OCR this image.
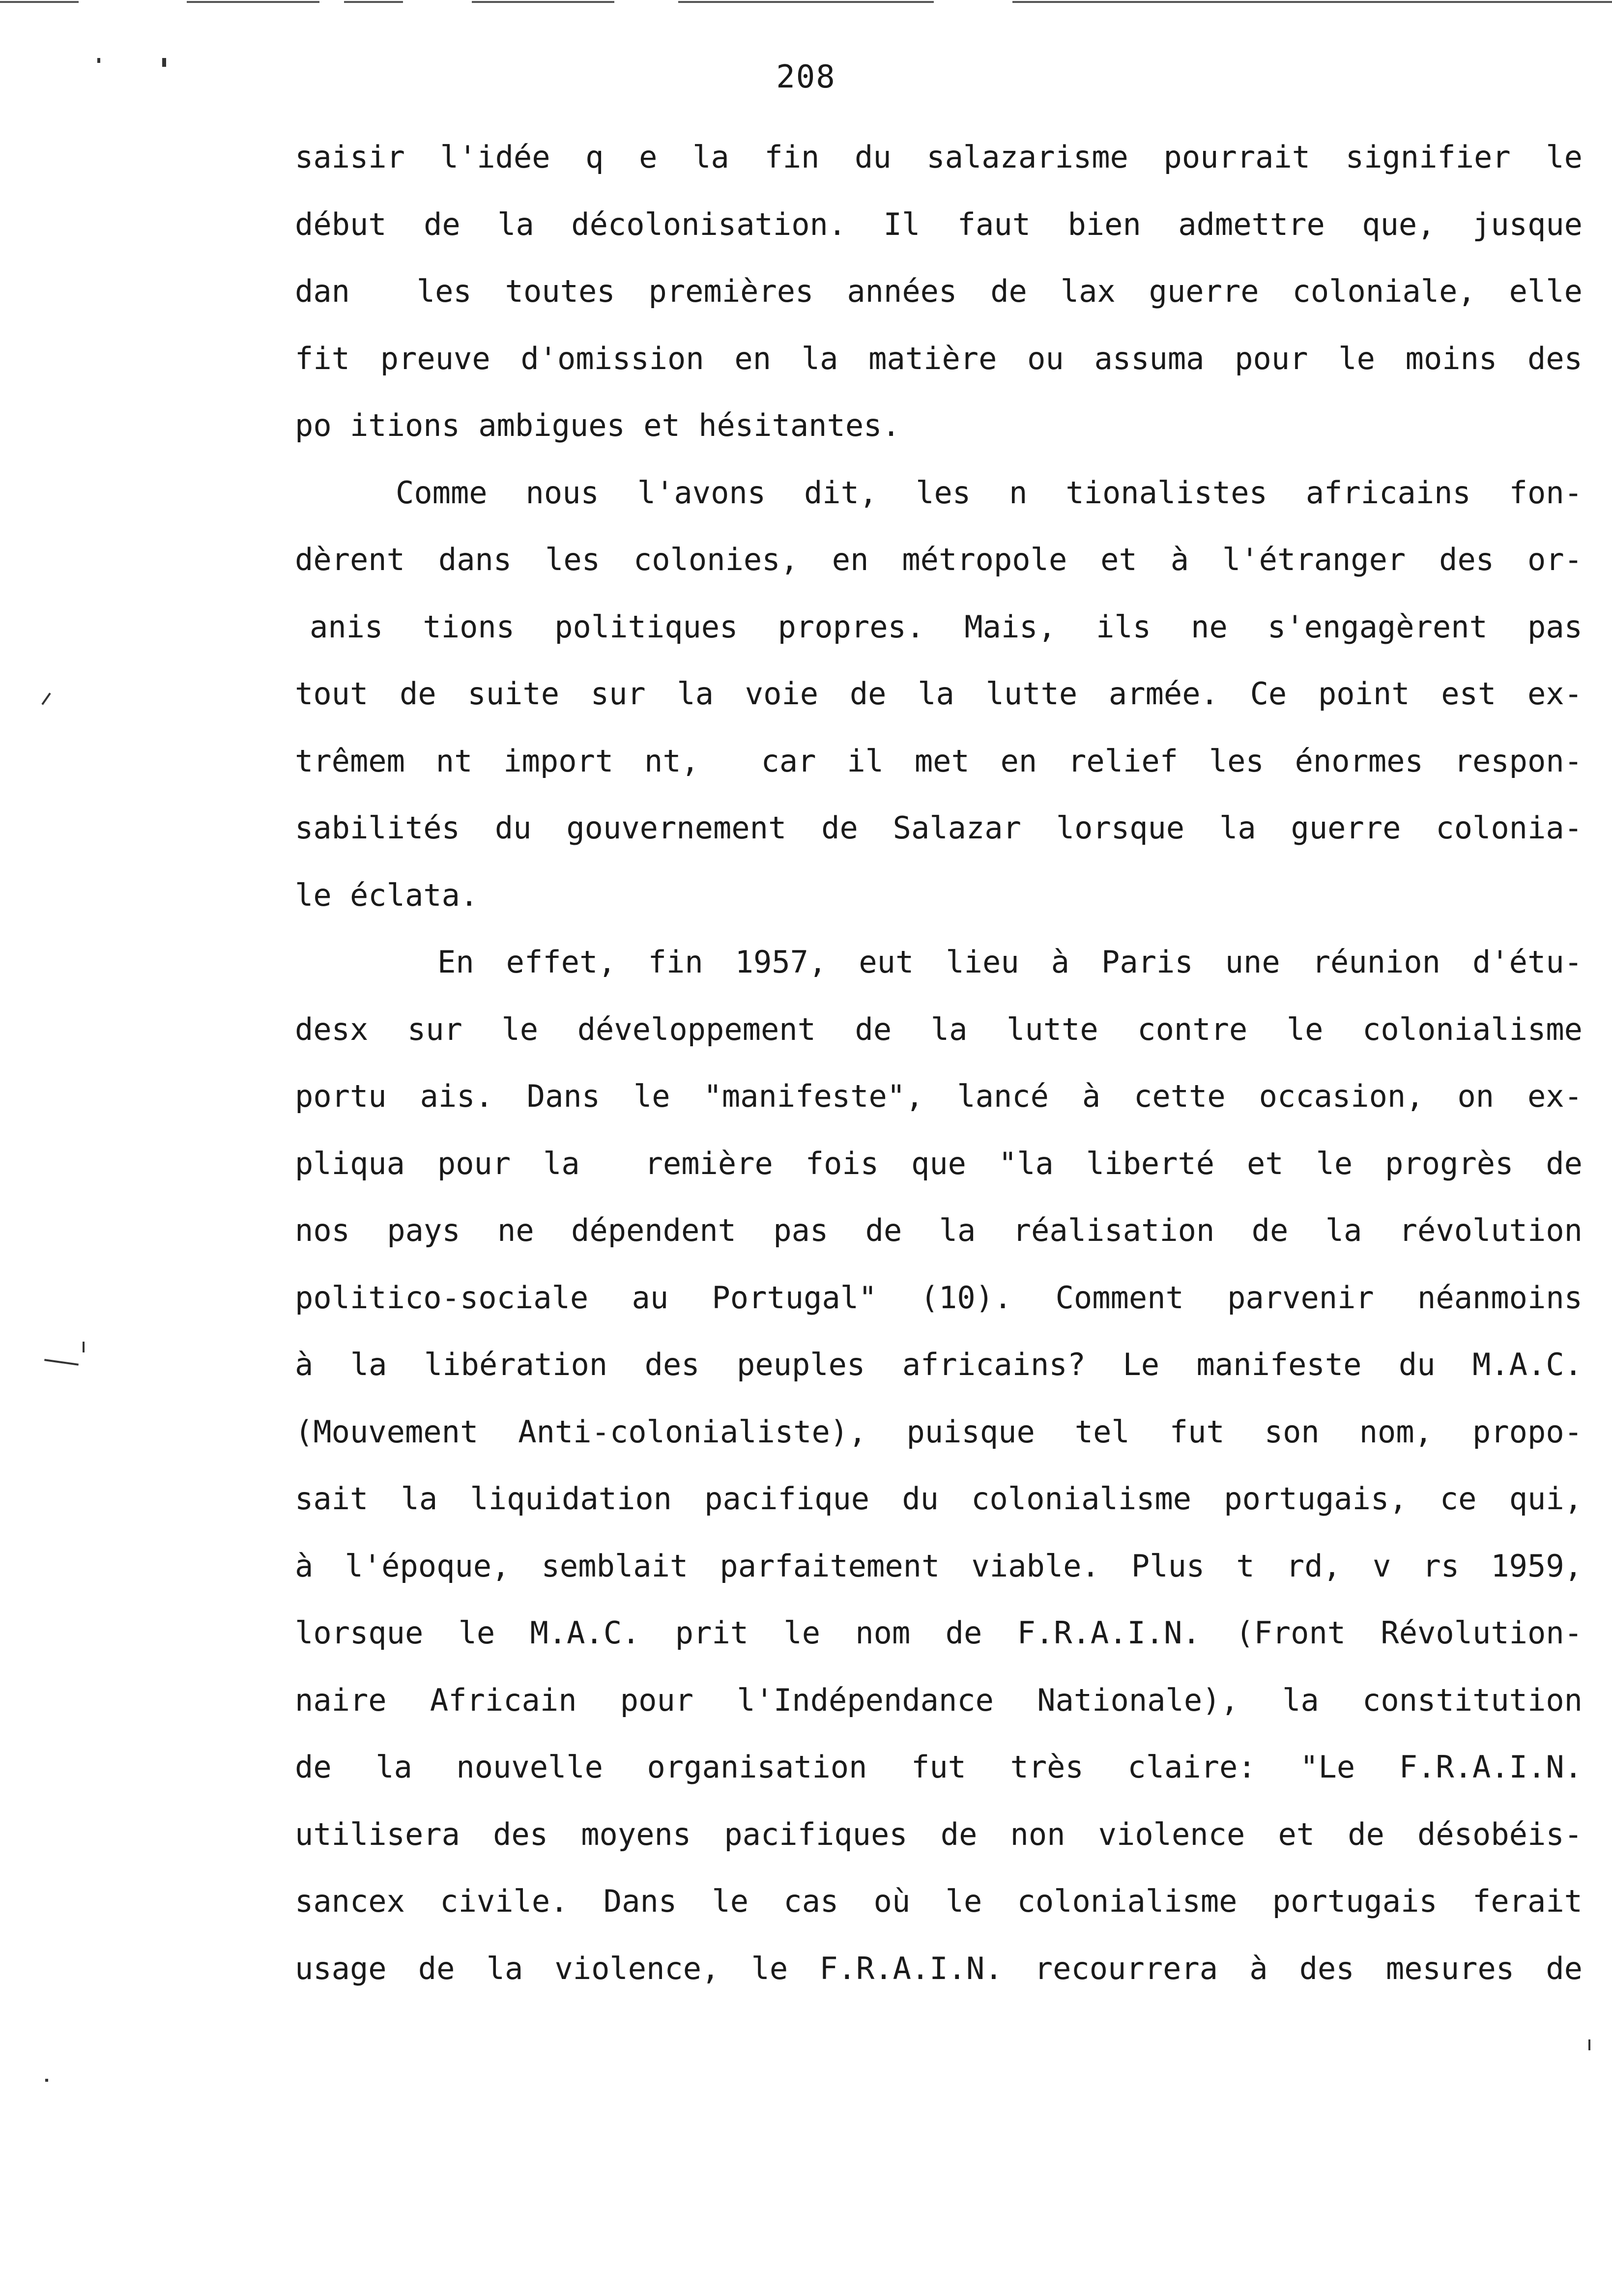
208
saisir l'idée q e la fin du salazarisme pourrait signifier le
début de la décolonisation. Il faut bien admettre que, jusque
dan  les toutes premières années de lax guerre coloniale, elle
fit preuve d'omission en la matière ou assuma pour le moins des
po itions ambigues et hésitantes.
Comme nous l'avons dit, les n tionalistes africains fon-
dèrent dans les colonies, en métropole et à l'étranger des or-
anis tions politiques propres. Mais, ils ne s'engagèrent pas
tout de suite sur la voie de la lutte armée. Ce point est ex-
trêmem nt import nt,  car il met en relief les énormes respon-
sabilités du gouvernement de Salazar lorsque la guerre colonia-
le éclata.
En effet, fin 1957, eut lieu à Paris une réunion d'étu-
desx sur le développement de la lutte contre le colonialisme
portu ais. Dans le "manifeste", lancé à cette occasion, on ex-
pliqua pour la  remière fois que "la liberté et le progrès de
nos pays ne dépendent pas de la réalisation de la révolution
politico-sociale au Portugal" (10). Comment parvenir néanmoins
à la libération des peuples africains? Le manifeste du M.A.C.
(Mouvement Anti-colonialiste), puisque tel fut son nom, propo-
sait la liquidation pacifique du colonialisme portugais, ce qui,
à l'époque, semblait parfaitement viable. Plus t rd, v rs 1959,
lorsque le M.A.C. prit le nom de F.R.A.I.N. (Front Révolution-
naire Africain pour l'Indépendance Nationale), la constitution
de la nouvelle organisation fut très claire: "Le F.R.A.I.N.
utilisera des moyens pacifiques de non violence et de désobéis-
sancex civile. Dans le cas où le colonialisme portugais ferait
usage de la violence, le F.R.A.I.N. recourrera à des mesures de
